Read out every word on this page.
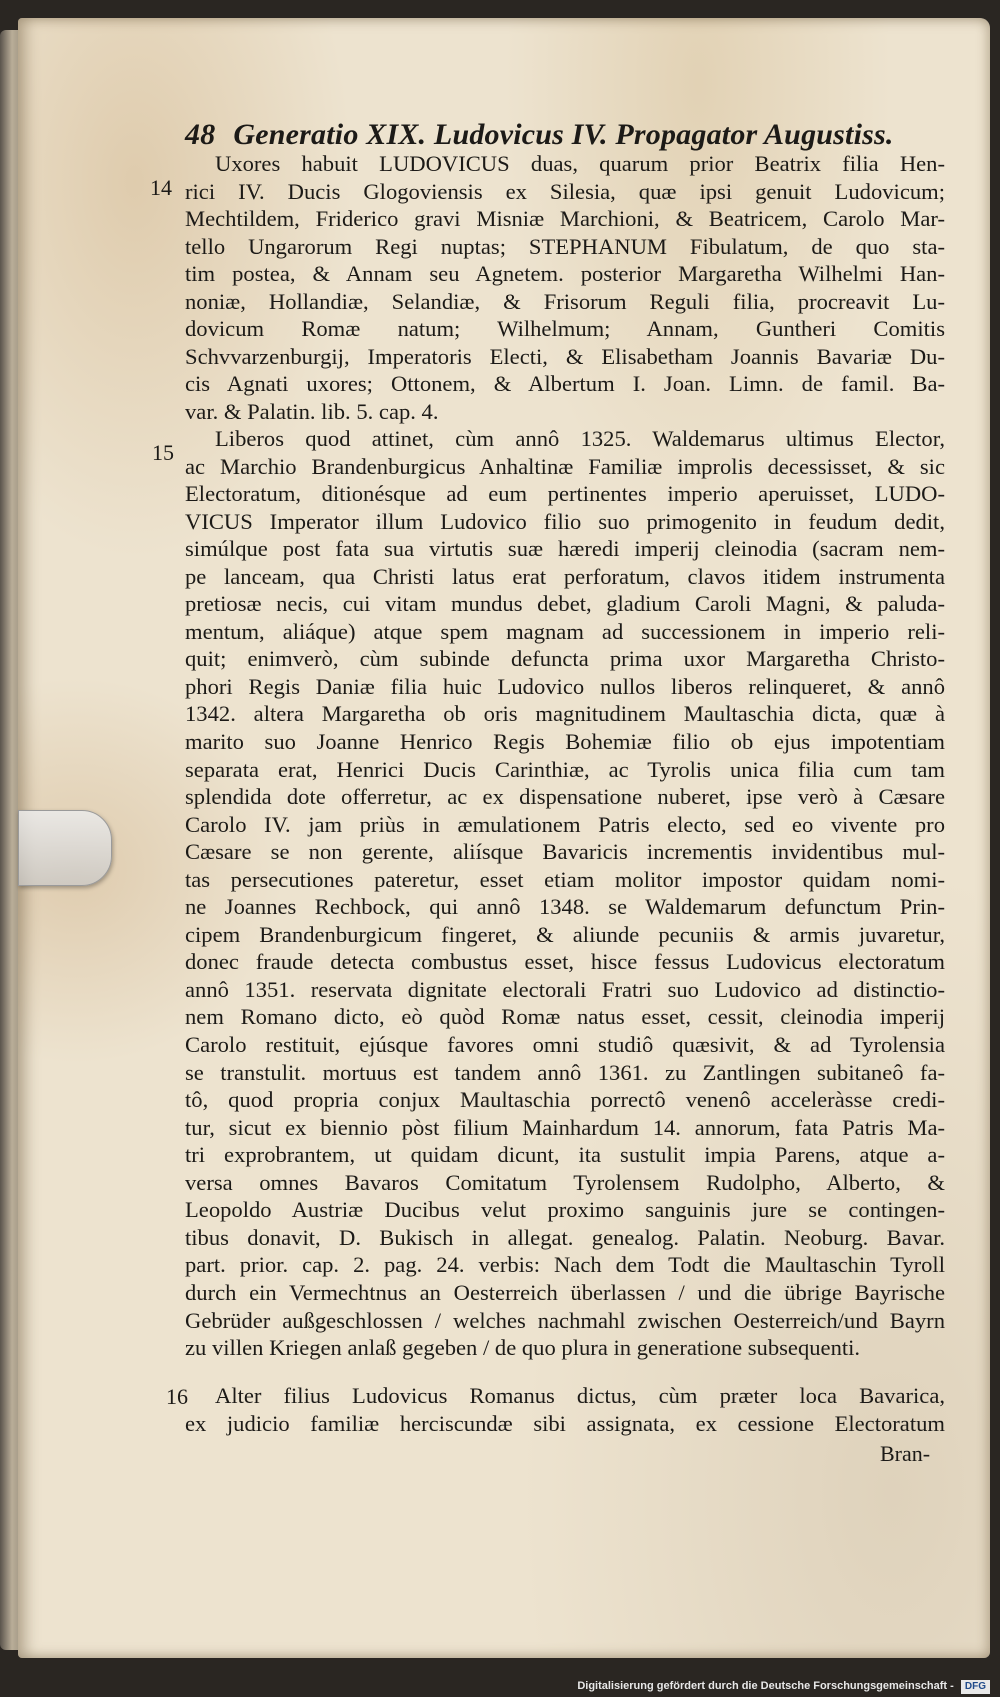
48 Generatio XIX. Ludovicus IV. Propagator Augustiss.
14
Uxores habuit LUDOVICUS duas, quarum prior Beatrix filia Hen-
rici IV. Ducis Glogoviensis ex Silesia, quæ ipsi genuit Ludovicum;
Mechtildem, Friderico gravi Misniæ Marchioni, & Beatricem, Carolo Mar-
tello Ungarorum Regi nuptas; STEPHANUM Fibulatum, de quo sta-
tim postea, & Annam seu Agnetem. posterior Margaretha Wilhelmi Han-
noniæ, Hollandiæ, Selandiæ, & Frisorum Reguli filia, procreavit Lu-
dovicum Romæ natum; Wilhelmum; Annam, Guntheri Comitis
Schvvarzenburgij, Imperatoris Electi, & Elisabetham Joannis Bavariæ Du-
cis Agnati uxores; Ottonem, & Albertum I. Joan. Limn. de famil. Ba-
var. & Palatin. lib. 5. cap. 4.
15
Liberos quod attinet, cùm annô 1325. Waldemarus ultimus Elector,
ac Marchio Brandenburgicus Anhaltinæ Familiæ improlis decessisset, & sic
Electoratum, ditionésque ad eum pertinentes imperio aperuisset, LUDO-
VICUS Imperator illum Ludovico filio suo primogenito in feudum dedit,
simúlque post fata sua virtutis suæ hæredi imperij cleinodia (sacram nem-
pe lanceam, qua Christi latus erat perforatum, clavos itidem instrumenta
pretiosæ necis, cui vitam mundus debet, gladium Caroli Magni, & paluda-
mentum, aliáque) atque spem magnam ad successionem in imperio reli-
quit; enimverò, cùm subinde defuncta prima uxor Margaretha Christo-
phori Regis Daniæ filia huic Ludovico nullos liberos relinqueret, & annô
1342. altera Margaretha ob oris magnitudinem Maultaschia dicta, quæ à
marito suo Joanne Henrico Regis Bohemiæ filio ob ejus impotentiam
separata erat, Henrici Ducis Carinthiæ, ac Tyrolis unica filia cum tam
splendida dote offerretur, ac ex dispensatione nuberet, ipse verò à Cæsare
Carolo IV. jam priùs in æmulationem Patris electo, sed eo vivente pro
Cæsare se non gerente, aliísque Bavaricis incrementis invidentibus mul-
tas persecutiones pateretur, esset etiam molitor impostor quidam nomi-
ne Joannes Rechbock, qui annô 1348. se Waldemarum defunctum Prin-
cipem Brandenburgicum fingeret, & aliunde pecuniis & armis juvaretur,
donec fraude detecta combustus esset, hisce fessus Ludovicus electoratum
annô 1351. reservata dignitate electorali Fratri suo Ludovico ad distinctio-
nem Romano dicto, eò quòd Romæ natus esset, cessit, cleinodia imperij
Carolo restituit, ejúsque favores omni studiô quæsivit, & ad Tyrolensia
se transtulit. mortuus est tandem annô 1361. zu Zantlingen subitaneô fa-
tô, quod propria conjux Maultaschia porrectô venenô acceleràsse credi-
tur, sicut ex biennio pòst filium Mainhardum 14. annorum, fata Patris Ma-
tri exprobrantem, ut quidam dicunt, ita sustulit impia Parens, atque a-
versa omnes Bavaros Comitatum Tyrolensem Rudolpho, Alberto, &
Leopoldo Austriæ Ducibus velut proximo sanguinis jure se contingen-
tibus donavit, D. Bukisch in allegat. genealog. Palatin. Neoburg. Bavar.
part. prior. cap. 2. pag. 24. verbis: Nach dem Todt die Maultaschin Tyroll
durch ein Vermechtnus an Oesterreich überlassen / und die übrige Bayrische
Gebrüder außgeschlossen / welches nachmahl zwischen Oesterreich/und Bayrn
zu villen Kriegen anlaß gegeben / de quo plura in generatione subsequenti.
16	Alter filius Ludovicus Romanus dictus, cùm præter loca Bavarica,
ex judicio familiæ herciscundæ sibi assignata, ex cessione Electoratum
Bran-
Digitalisierung gefördert durch die Deutsche Forschungsgemeinschaft - DFG
